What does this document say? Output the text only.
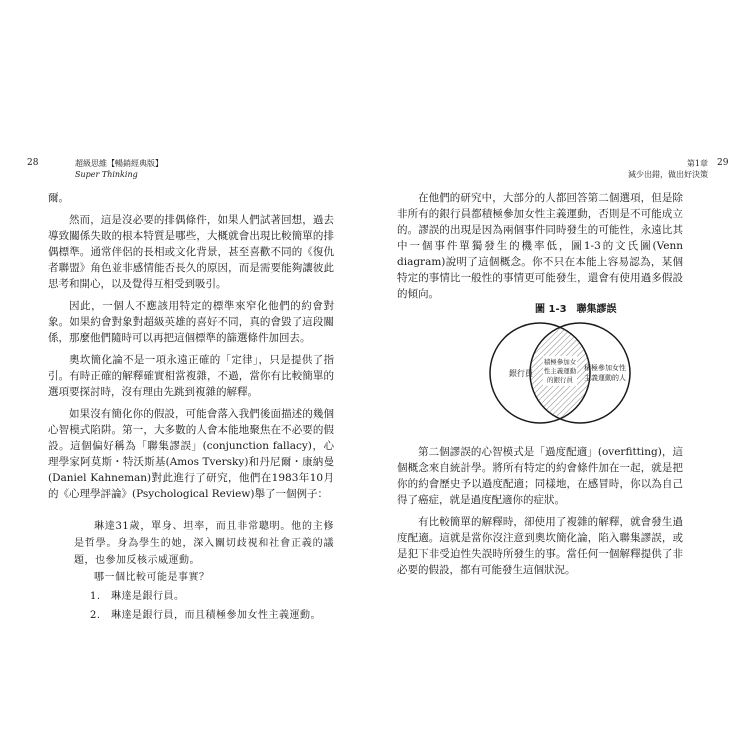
28	超級思維【暢銷經典版】
Super Thinking

爾。

然而，這是沒必要的排偶條件，如果人們試著回想，過去導致關係失敗的根本特質是哪些，大概就會出現比較簡單的排偶標準。通常伴侶的長相或文化背景，甚至喜歡不同的《復仇者聯盟》角色並非感情能否長久的原因，而是需要能夠讓彼此思考和開心，以及覺得互相受到吸引。

因此，一個人不應該用特定的標準來窄化他們的約會對象。如果約會對象對超級英雄的喜好不同，真的會毀了這段關係，那麼他們隨時可以再把這個標準的篩選條件加回去。

奧坎簡化論不是一項永遠正確的「定律」，只是提供了指引。有時正確的解釋確實相當複雜，不過，當你有比較簡單的選項要探討時，沒有理由先跳到複雜的解釋。

如果沒有簡化你的假設，可能會落入我們後面描述的幾個心智模式陷阱。第一，大多數的人會本能地聚焦在不必要的假設。這個偏好稱為「聯集謬誤」(conjunction fallacy)，心理學家阿莫斯・特沃斯基(Amos Tversky)和丹尼爾・康納曼(Daniel Kahneman)對此進行了研究，他們在1983年10月的《心理學評論》(Psychological Review)舉了一個例子：

琳達31歲，單身、坦率，而且非常聰明。他的主修是哲學。身為學生的她，深入關切歧視和社會正義的議題，也參加反核示威運動。

哪一個比較可能是事實？

1.　琳達是銀行員。

2.　琳達是銀行員，而且積極參加女性主義運動。

第1章
減少出錯，做出好決策
29

在他們的研究中，大部分的人都回答第二個選項，但是除非所有的銀行員都積極參加女性主義運動，否則是不可能成立的。謬誤的出現是因為兩個事件同時發生的可能性，永遠比其中一個事件單獨發生的機率低，圖1-3的文氏圖(Venn diagram)說明了這個概念。你不只在本能上容易認為，某個特定的事情比一般性的事情更可能發生，還會有使用過多假設的傾向。

圖 1-3　聯集謬誤
銀行員
積極參加女
性主義運動
的銀行員
積極參加女性
主義運動的人

第二個謬誤的心智模式是「過度配適」(overfitting)，這個概念來自統計學。將所有特定的約會條件加在一起，就是把你的約會歷史予以過度配適；同樣地，在感冒時，你以為自己得了癌症，就是過度配適你的症狀。

有比較簡單的解釋時，卻使用了複雜的解釋，就會發生過度配適。這就是當你沒注意到奧坎簡化論，陷入聯集謬誤，或是犯下非受迫性失誤時所發生的事。當任何一個解釋提供了非必要的假設，都有可能發生這個狀況。
